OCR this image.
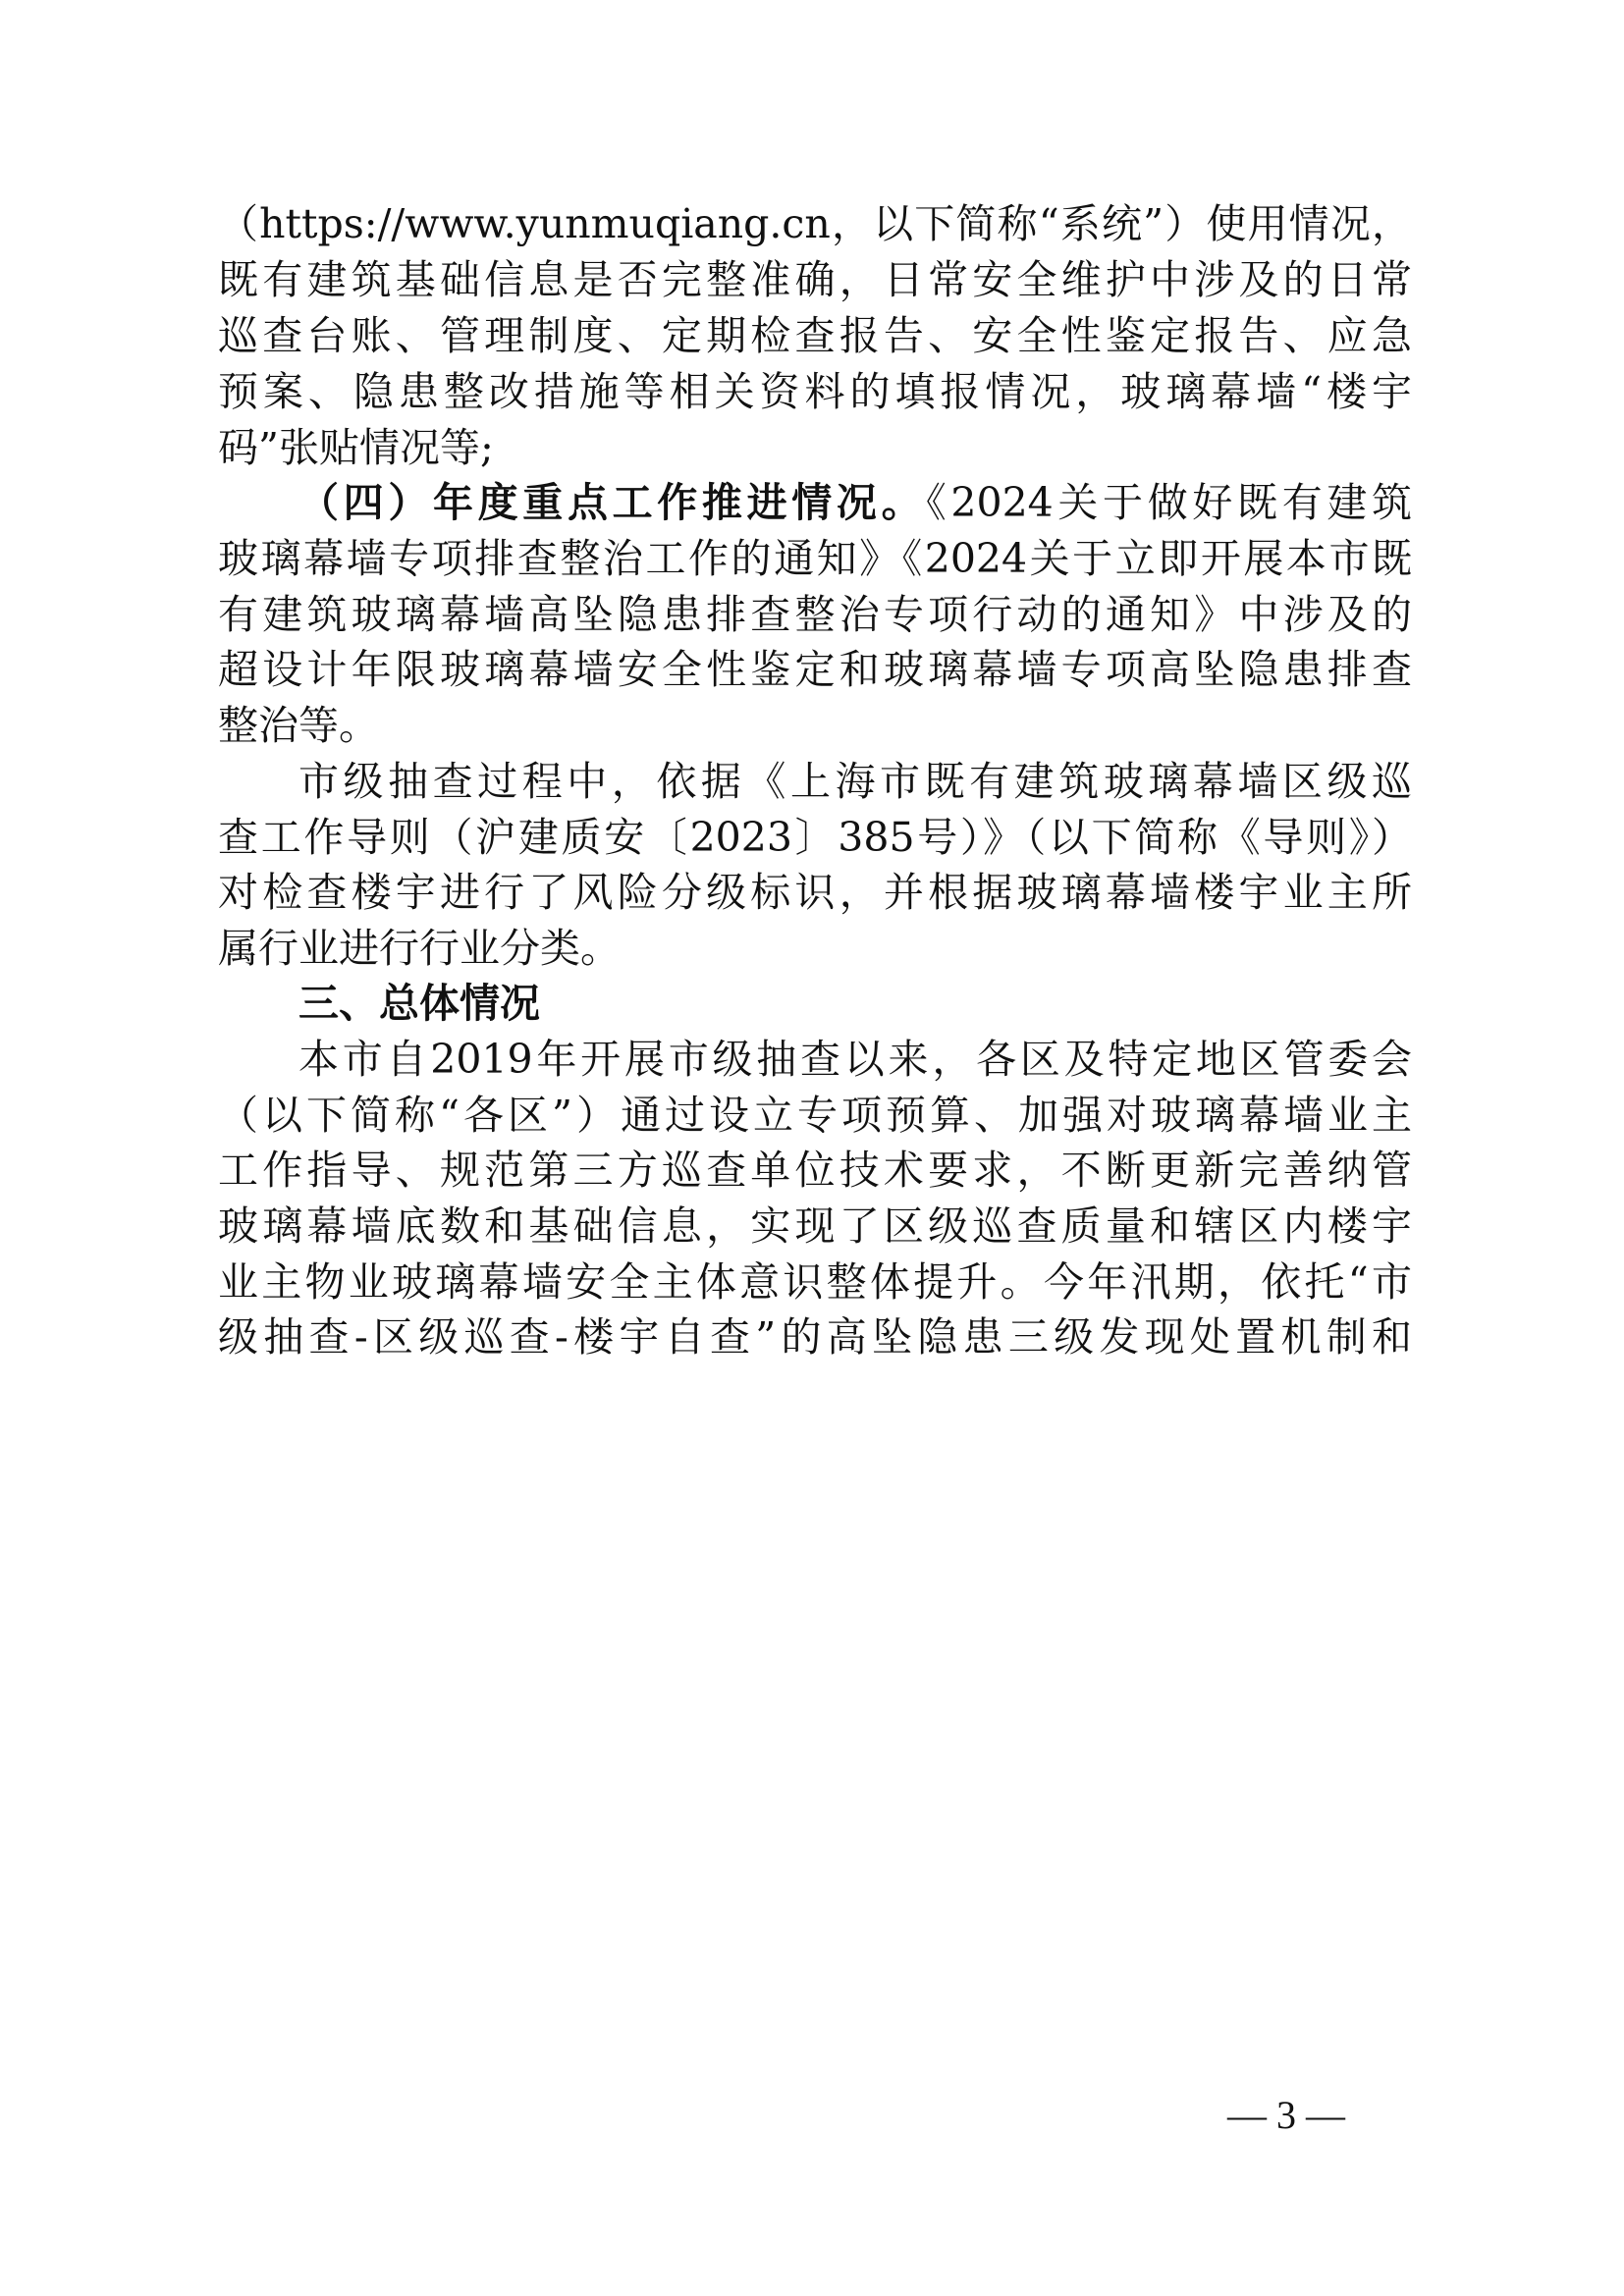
（https://www.yunmuqiang.cn，以下简称“系统”）使用情况，
既有建筑基础信息是否完整准确，日常安全维护中涉及的日常
巡查台账、管理制度、定期检查报告、安全性鉴定报告、应急
预案、隐患整改措施等相关资料的填报情况，玻璃幕墙“楼宇
码”张贴情况等;
（四）年度重点工作推进情况。《2024关于做好既有建筑
玻璃幕墙专项排查整治工作的通知》《2024关于立即开展本市既
有建筑玻璃幕墙高坠隐患排查整治专项行动的通知》中涉及的
超设计年限玻璃幕墙安全性鉴定和玻璃幕墙专项高坠隐患排查
整治等。
市级抽查过程中，依据《上海市既有建筑玻璃幕墙区级巡
查工作导则（沪建质安〔2023〕385号）》（以下简称《导则》）
对检查楼宇进行了风险分级标识，并根据玻璃幕墙楼宇业主所
属行业进行行业分类。
三、总体情况
本市自2019年开展市级抽查以来，各区及特定地区管委会
（以下简称“各区”）通过设立专项预算、加强对玻璃幕墙业主
工作指导、规范第三方巡查单位技术要求，不断更新完善纳管
玻璃幕墙底数和基础信息，实现了区级巡查质量和辖区内楼宇
业主物业玻璃幕墙安全主体意识整体提升。今年汛期，依托“市
级抽查-区级巡查-楼宇自查”的高坠隐患三级发现处置机制和
— 3 —
